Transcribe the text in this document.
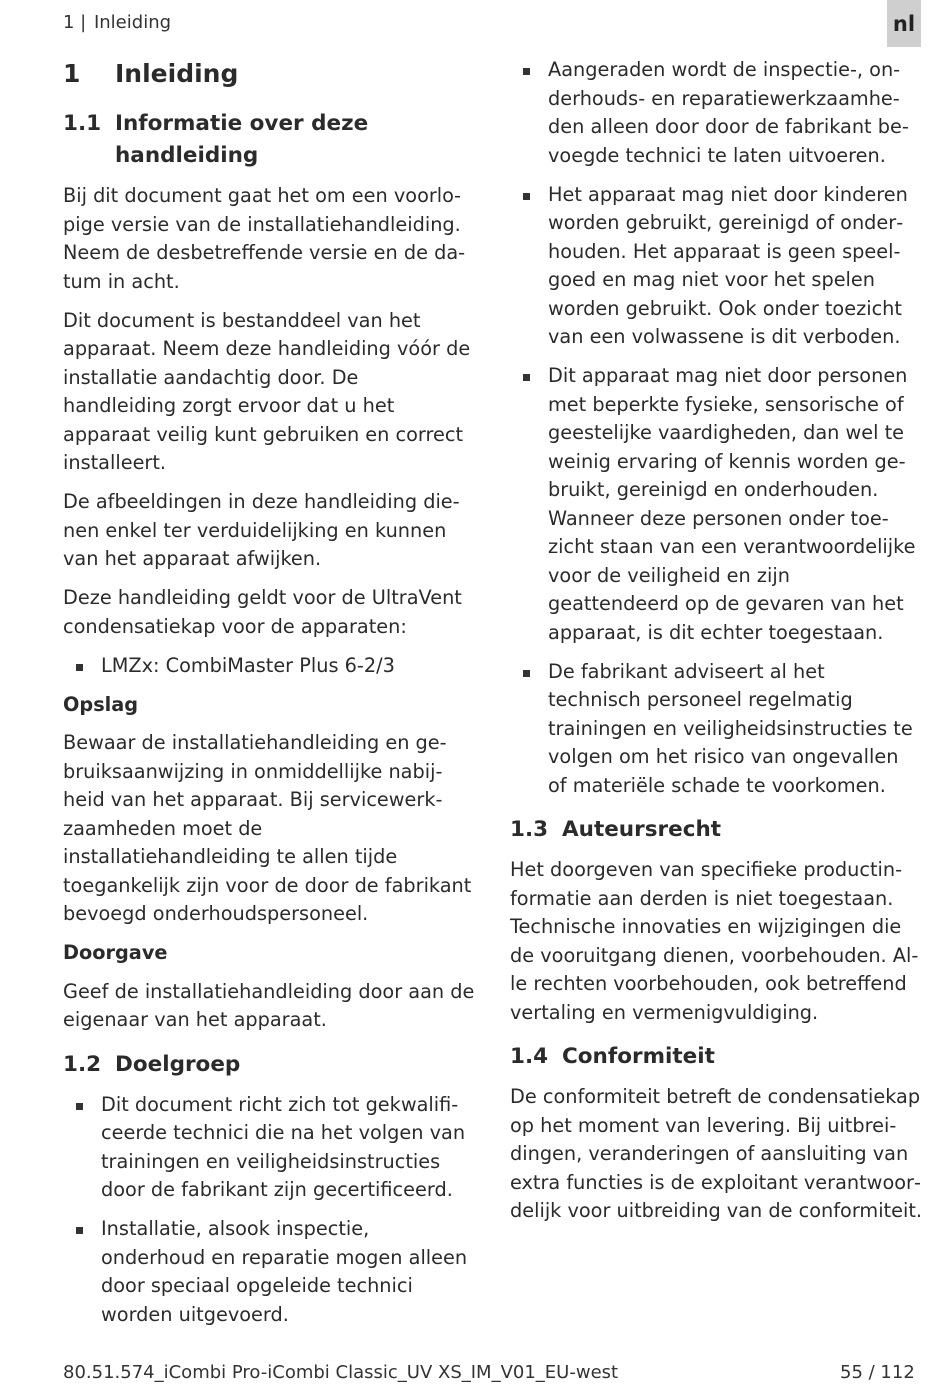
1 | Inleiding	nl
1	Inleiding
1.1 Informatie over deze handleiding

Bij dit document gaat het om een voorlopige versie van de installatiehandleiding. Neem de desbetreffende versie en de datum in acht.

Dit document is bestanddeel van het apparaat. Neem deze handleiding vóór de installatie aandachtig door. De handleiding zorgt ervoor dat u het apparaat veilig kunt gebruiken en correct installeert.

De afbeeldingen in deze handleiding dienen enkel ter verduidelijking en kunnen van het apparaat afwijken.

Deze handleiding geldt voor de UltraVent condensatiekap voor de apparaten:

LMZx: CombiMaster Plus 6-2/3
Opslag

Bewaar de installatiehandleiding en gebruiksaanwijzing in onmiddellijke nabijheid van het apparaat. Bij servicewerkzaamheden moet de installatiehandleiding te allen tijde toegankelijk zijn voor de door de fabrikant bevoegd onderhoudspersoneel.

Doorgave

Geef de installatiehandleiding door aan de eigenaar van het apparaat.

1.2 Doelgroep
Dit document richt zich tot gekwalificeerde technici die na het volgen van trainingen en veiligheidsinstructies door de fabrikant zijn gecertificeerd.
Installatie, alsook inspectie, onderhoud en reparatie mogen alleen door speciaal opgeleide technici worden uitgevoerd.
Aangeraden wordt de inspectie-, onderhouds- en reparatiewerkzaamheden alleen door door de fabrikant bevoegde technici te laten uitvoeren.
Het apparaat mag niet door kinderen worden gebruikt, gereinigd of onderhouden. Het apparaat is geen speelgoed en mag niet voor het spelen worden gebruikt. Ook onder toezicht van een volwassene is dit verboden.
Dit apparaat mag niet door personen met beperkte fysieke, sensorische of geestelijke vaardigheden, dan wel te weinig ervaring of kennis worden gebruikt, gereinigd en onderhouden. Wanneer deze personen onder toezicht staan van een verantwoordelijke voor de veiligheid en zijn geattendeerd op de gevaren van het apparaat, is dit echter toegestaan.
De fabrikant adviseert al het technisch personeel regelmatig trainingen en veiligheidsinstructies te volgen om het risico van ongevallen of materiële schade te voorkomen.
1.3 Auteursrecht

Het doorgeven van specifieke productinformatie aan derden is niet toegestaan. Technische innovaties en wijzigingen die de vooruitgang dienen, voorbehouden. Alle rechten voorbehouden, ook betreffend vertaling en vermenigvuldiging.

1.4 Conformiteit

De conformiteit betreft de condensatiekap op het moment van levering. Bij uitbreidingen, veranderingen of aansluiting van extra functies is de exploitant verantwoordelijk voor uitbreiding van de conformiteit.

80.51.574_iCombi Pro-iCombi Classic_UV XS_IM_V01_EU-west	55 / 112
